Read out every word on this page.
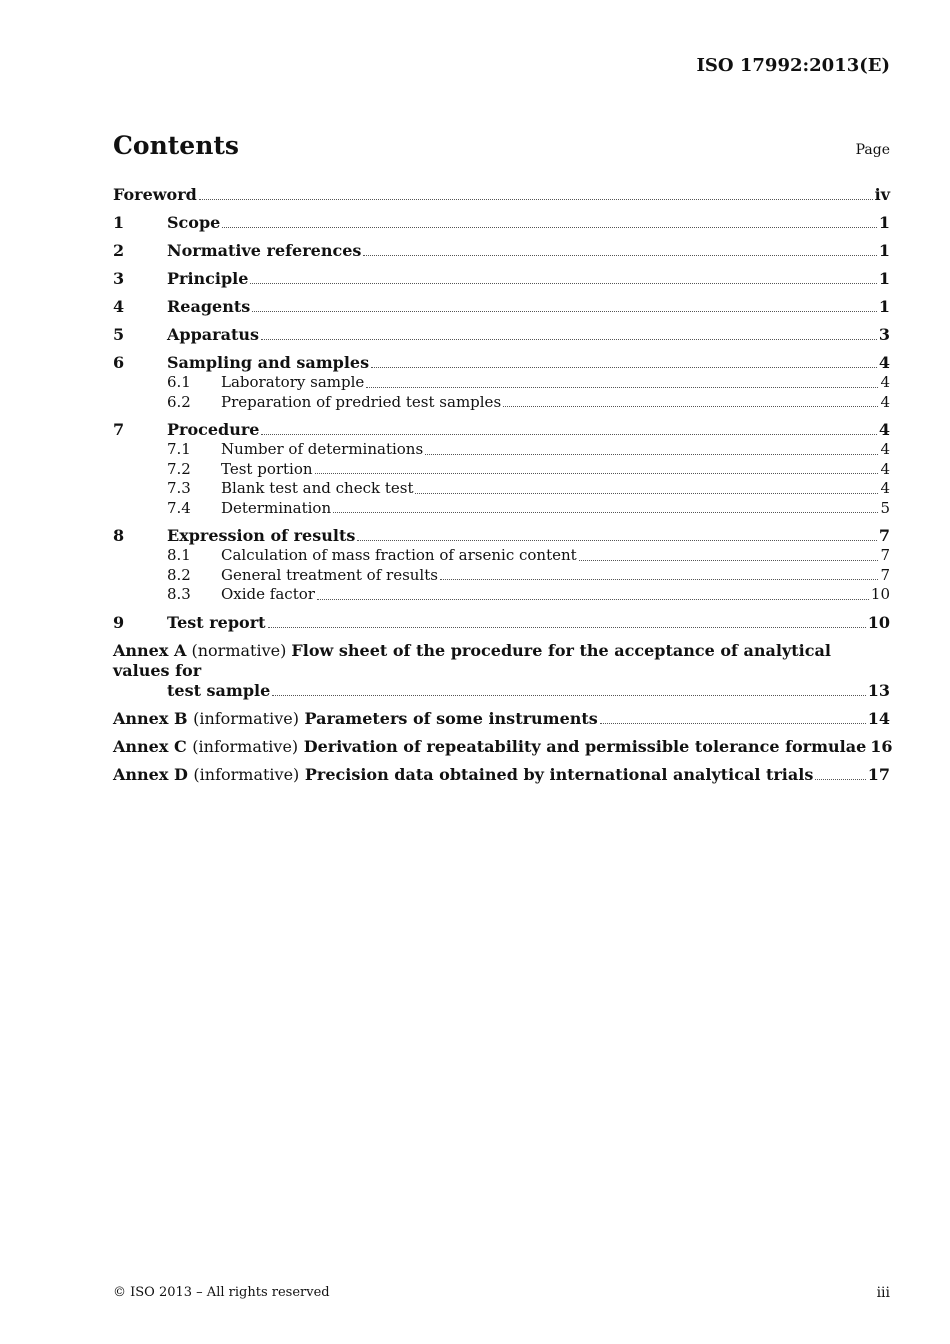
ISO 17992:2013(E)
Contents	Page
Foreword	iv
1	Scope	1
2	Normative references	1
3	Principle	1
4	Reagents	1
5	Apparatus	3
6	Sampling and samples	4
6.1	Laboratory sample	4
6.2	Preparation of predried test samples	4
7	Procedure	4
7.1	Number of determinations	4
7.2	Test portion	4
7.3	Blank test and check test	4
7.4	Determination	5
8	Expression of results	7
8.1	Calculation of mass fraction of arsenic content	7
8.2	General treatment of results	7
8.3	Oxide factor	10
9	Test report	10
Annex A (normative) Flow sheet of the procedure for the acceptance of analytical values for
test sample	13
Annex B (informative) Parameters of some instruments	14
Annex C (informative) Derivation of repeatability and permissible tolerance formulae 16
Annex D (informative) Precision data obtained by international analytical trials	17
© ISO 2013 – All rights reserved	iii
